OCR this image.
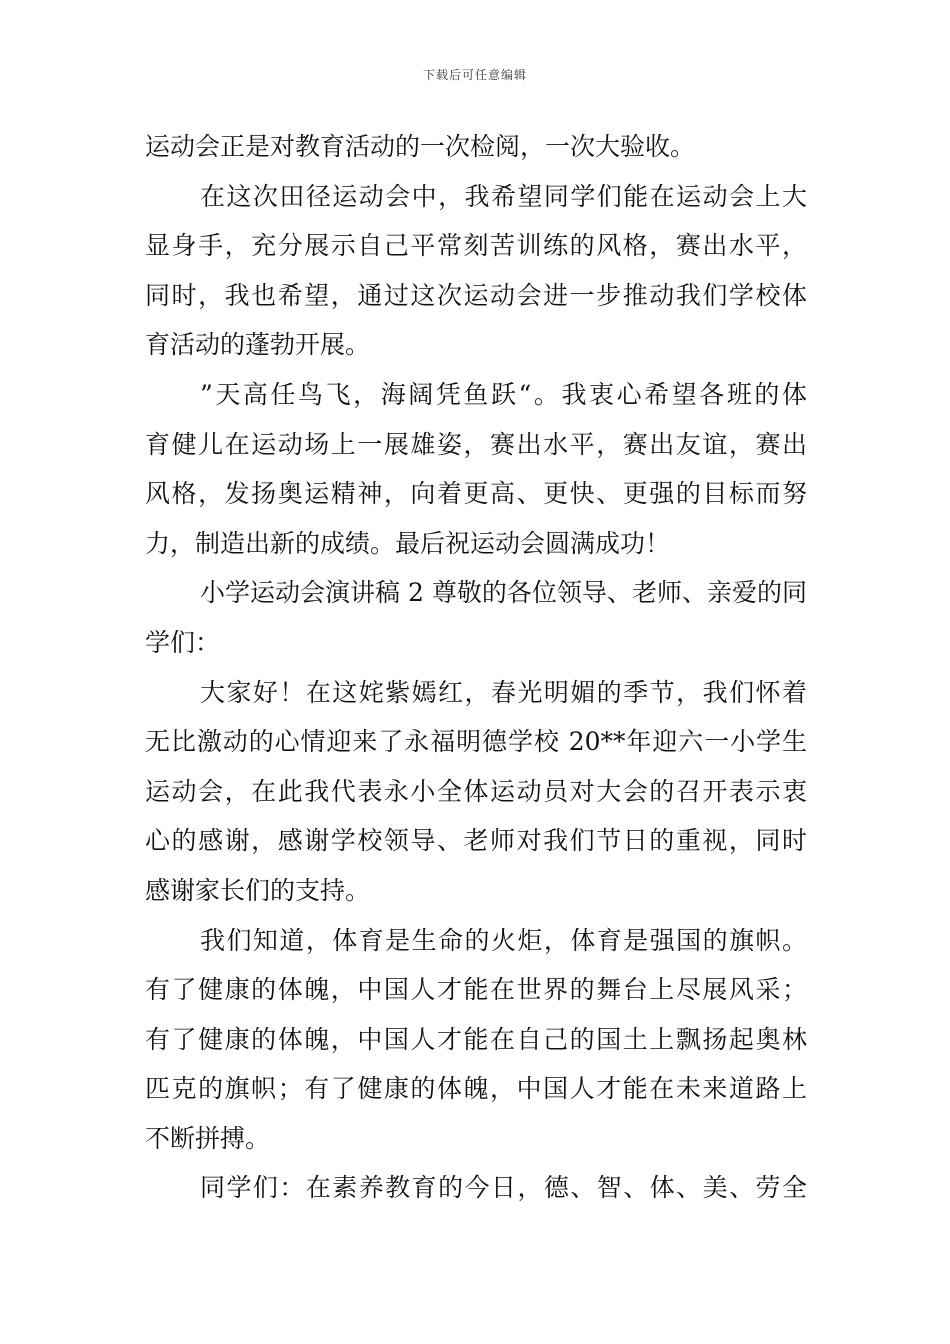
下载后可任意编辑
运动会正是对教育活动的一次检阅，一次大验收。
在这次田径运动会中，我希望同学们能在运动会上大
显身手，充分展示自己平常刻苦训练的风格，赛出水平，
同时，我也希望，通过这次运动会进一步推动我们学校体
育活动的蓬勃开展。
”天高任鸟飞，海阔凭鱼跃“。我衷心希望各班的体
育健儿在运动场上一展雄姿，赛出水平，赛出友谊，赛出
风格，发扬奥运精神，向着更高、更快、更强的目标而努
力，制造出新的成绩。最后祝运动会圆满成功！
小学运动会演讲稿 2 尊敬的各位领导、老师、亲爱的同
学们：
大家好！在这姹紫嫣红，春光明媚的季节，我们怀着
无比激动的心情迎来了永福明德学校 20**年迎六一小学生
运动会，在此我代表永小全体运动员对大会的召开表示衷
心的感谢，感谢学校领导、老师对我们节日的重视，同时
感谢家长们的支持。
我们知道，体育是生命的火炬，体育是强国的旗帜。
有了健康的体魄，中国人才能在世界的舞台上尽展风采；
有了健康的体魄，中国人才能在自己的国土上飘扬起奥林
匹克的旗帜；有了健康的体魄，中国人才能在未来道路上
不断拼搏。
同学们：在素养教育的今日，德、智、体、美、劳全
